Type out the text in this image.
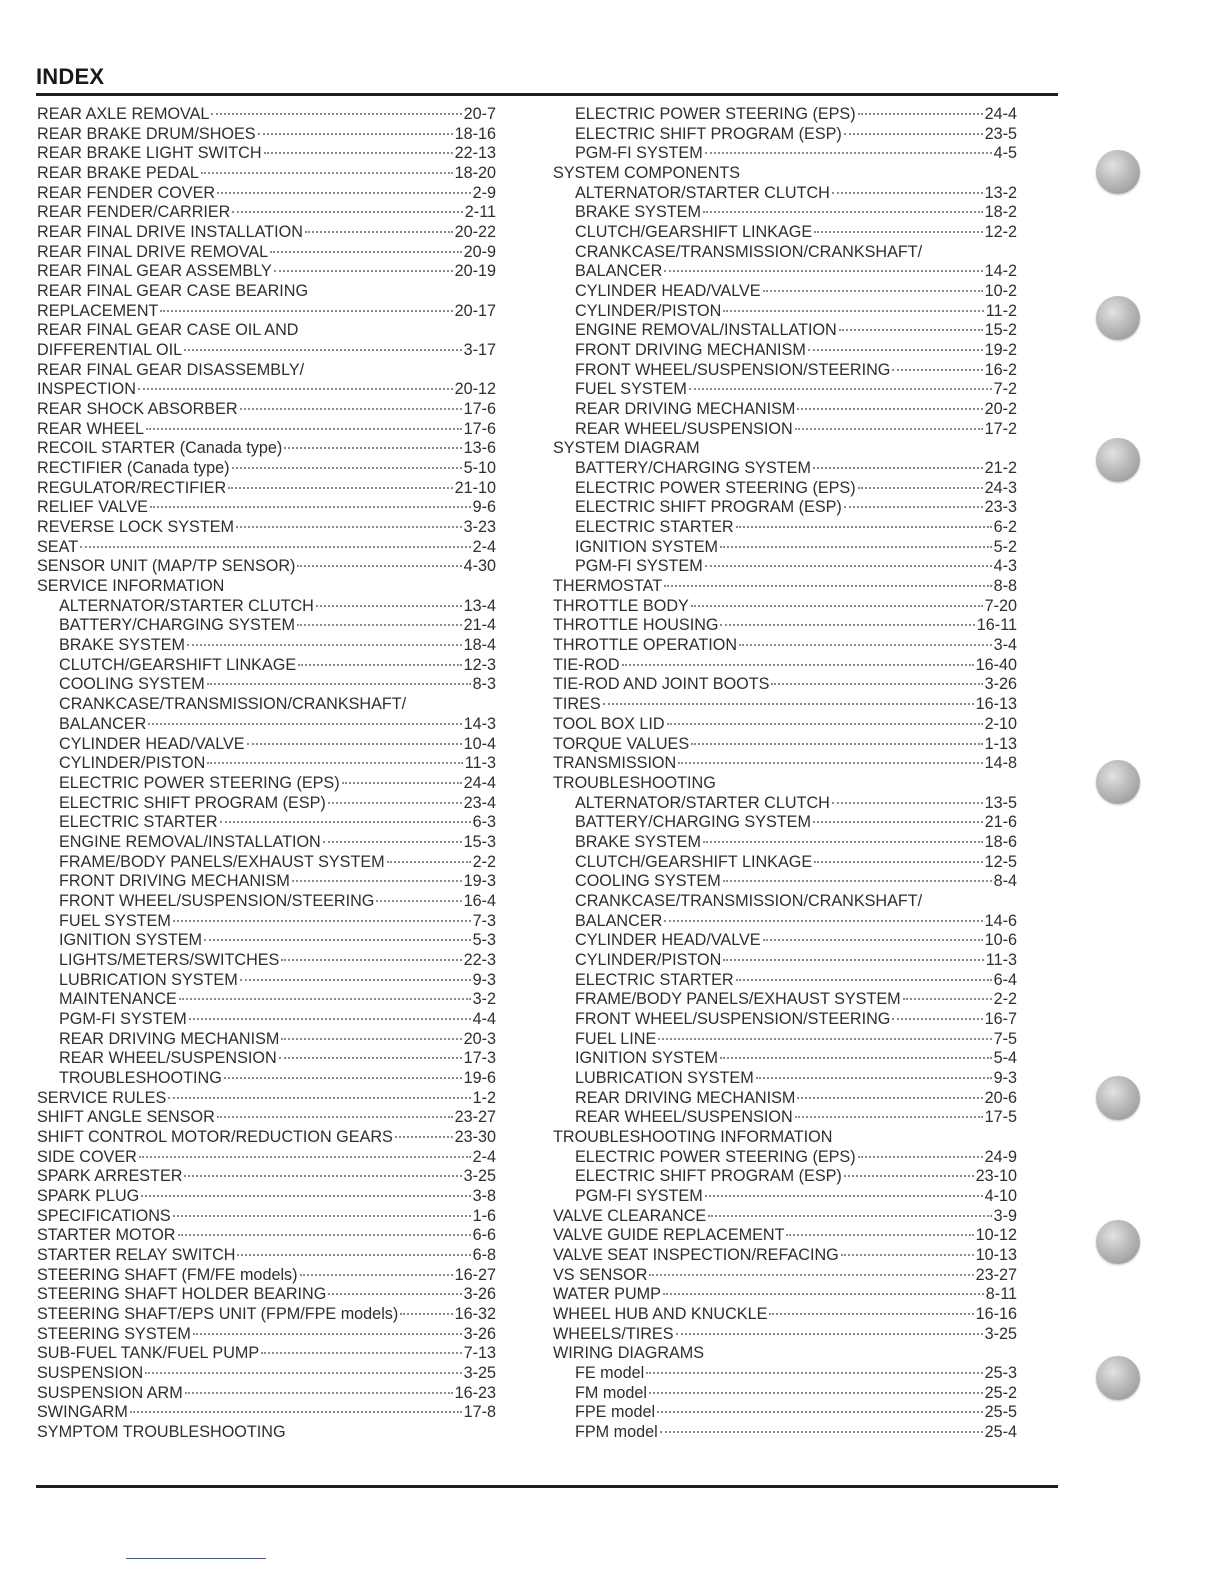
INDEX
REAR AXLE REMOVAL	20-7
REAR BRAKE DRUM/SHOES	18-16
REAR BRAKE LIGHT SWITCH	22-13
REAR BRAKE PEDAL	18-20
REAR FENDER COVER	2-9
REAR FENDER/CARRIER	2-11
REAR FINAL DRIVE INSTALLATION	20-22
REAR FINAL DRIVE REMOVAL	20-9
REAR FINAL GEAR ASSEMBLY	20-19
REAR FINAL GEAR CASE BEARING
REPLACEMENT	20-17
REAR FINAL GEAR CASE OIL AND
DIFFERENTIAL OIL	3-17
REAR FINAL GEAR DISASSEMBLY/
INSPECTION	20-12
REAR SHOCK ABSORBER	17-6
REAR WHEEL	17-6
RECOIL STARTER (Canada type)	13-6
RECTIFIER (Canada type)	5-10
REGULATOR/RECTIFIER	21-10
RELIEF VALVE	9-6
REVERSE LOCK SYSTEM	3-23
SEAT	2-4
SENSOR UNIT (MAP/TP SENSOR)	4-30
SERVICE INFORMATION
ALTERNATOR/STARTER CLUTCH	13-4
BATTERY/CHARGING SYSTEM	21-4
BRAKE SYSTEM	18-4
CLUTCH/GEARSHIFT LINKAGE	12-3
COOLING SYSTEM	8-3
CRANKCASE/TRANSMISSION/CRANKSHAFT/
BALANCER	14-3
CYLINDER HEAD/VALVE	10-4
CYLINDER/PISTON	11-3
ELECTRIC POWER STEERING (EPS)	24-4
ELECTRIC SHIFT PROGRAM (ESP)	23-4
ELECTRIC STARTER	6-3
ENGINE REMOVAL/INSTALLATION	15-3
FRAME/BODY PANELS/EXHAUST SYSTEM	2-2
FRONT DRIVING MECHANISM	19-3
FRONT WHEEL/SUSPENSION/STEERING	16-4
FUEL SYSTEM	7-3
IGNITION SYSTEM	5-3
LIGHTS/METERS/SWITCHES	22-3
LUBRICATION SYSTEM	9-3
MAINTENANCE	3-2
PGM-FI SYSTEM	4-4
REAR DRIVING MECHANISM	20-3
REAR WHEEL/SUSPENSION	17-3
TROUBLESHOOTING	19-6
SERVICE RULES	1-2
SHIFT ANGLE SENSOR	23-27
SHIFT CONTROL MOTOR/REDUCTION GEARS	23-30
SIDE COVER	2-4
SPARK ARRESTER	3-25
SPARK PLUG	3-8
SPECIFICATIONS	1-6
STARTER MOTOR	6-6
STARTER RELAY SWITCH	6-8
STEERING SHAFT (FM/FE models)	16-27
STEERING SHAFT HOLDER BEARING	3-26
STEERING SHAFT/EPS UNIT (FPM/FPE models)	16-32
STEERING SYSTEM	3-26
SUB-FUEL TANK/FUEL PUMP	7-13
SUSPENSION	3-25
SUSPENSION ARM	16-23
SWINGARM	17-8
SYMPTOM TROUBLESHOOTING
ELECTRIC POWER STEERING (EPS)	24-4
ELECTRIC SHIFT PROGRAM (ESP)	23-5
PGM-FI SYSTEM	4-5
SYSTEM COMPONENTS
ALTERNATOR/STARTER CLUTCH	13-2
BRAKE SYSTEM	18-2
CLUTCH/GEARSHIFT LINKAGE	12-2
CRANKCASE/TRANSMISSION/CRANKSHAFT/
BALANCER	14-2
CYLINDER HEAD/VALVE	10-2
CYLINDER/PISTON	11-2
ENGINE REMOVAL/INSTALLATION	15-2
FRONT DRIVING MECHANISM	19-2
FRONT WHEEL/SUSPENSION/STEERING	16-2
FUEL SYSTEM	7-2
REAR DRIVING MECHANISM	20-2
REAR WHEEL/SUSPENSION	17-2
SYSTEM DIAGRAM
BATTERY/CHARGING SYSTEM	21-2
ELECTRIC POWER STEERING (EPS)	24-3
ELECTRIC SHIFT PROGRAM (ESP)	23-3
ELECTRIC STARTER	6-2
IGNITION SYSTEM	5-2
PGM-FI SYSTEM	4-3
THERMOSTAT	8-8
THROTTLE BODY	7-20
THROTTLE HOUSING	16-11
THROTTLE OPERATION	3-4
TIE-ROD	16-40
TIE-ROD AND JOINT BOOTS	3-26
TIRES	16-13
TOOL BOX LID	2-10
TORQUE VALUES	1-13
TRANSMISSION	14-8
TROUBLESHOOTING
ALTERNATOR/STARTER CLUTCH	13-5
BATTERY/CHARGING SYSTEM	21-6
BRAKE SYSTEM	18-6
CLUTCH/GEARSHIFT LINKAGE	12-5
COOLING SYSTEM	8-4
CRANKCASE/TRANSMISSION/CRANKSHAFT/
BALANCER	14-6
CYLINDER HEAD/VALVE	10-6
CYLINDER/PISTON	11-3
ELECTRIC STARTER	6-4
FRAME/BODY PANELS/EXHAUST SYSTEM	2-2
FRONT WHEEL/SUSPENSION/STEERING	16-7
FUEL LINE	7-5
IGNITION SYSTEM	5-4
LUBRICATION SYSTEM	9-3
REAR DRIVING MECHANISM	20-6
REAR WHEEL/SUSPENSION	17-5
TROUBLESHOOTING INFORMATION
ELECTRIC POWER STEERING (EPS)	24-9
ELECTRIC SHIFT PROGRAM (ESP)	23-10
PGM-FI SYSTEM	4-10
VALVE CLEARANCE	3-9
VALVE GUIDE REPLACEMENT	10-12
VALVE SEAT INSPECTION/REFACING	10-13
VS SENSOR	23-27
WATER PUMP	8-11
WHEEL HUB AND KNUCKLE	16-16
WHEELS/TIRES	3-25
WIRING DIAGRAMS
FE model	25-3
FM model	25-2
FPE model	25-5
FPM model	25-4
